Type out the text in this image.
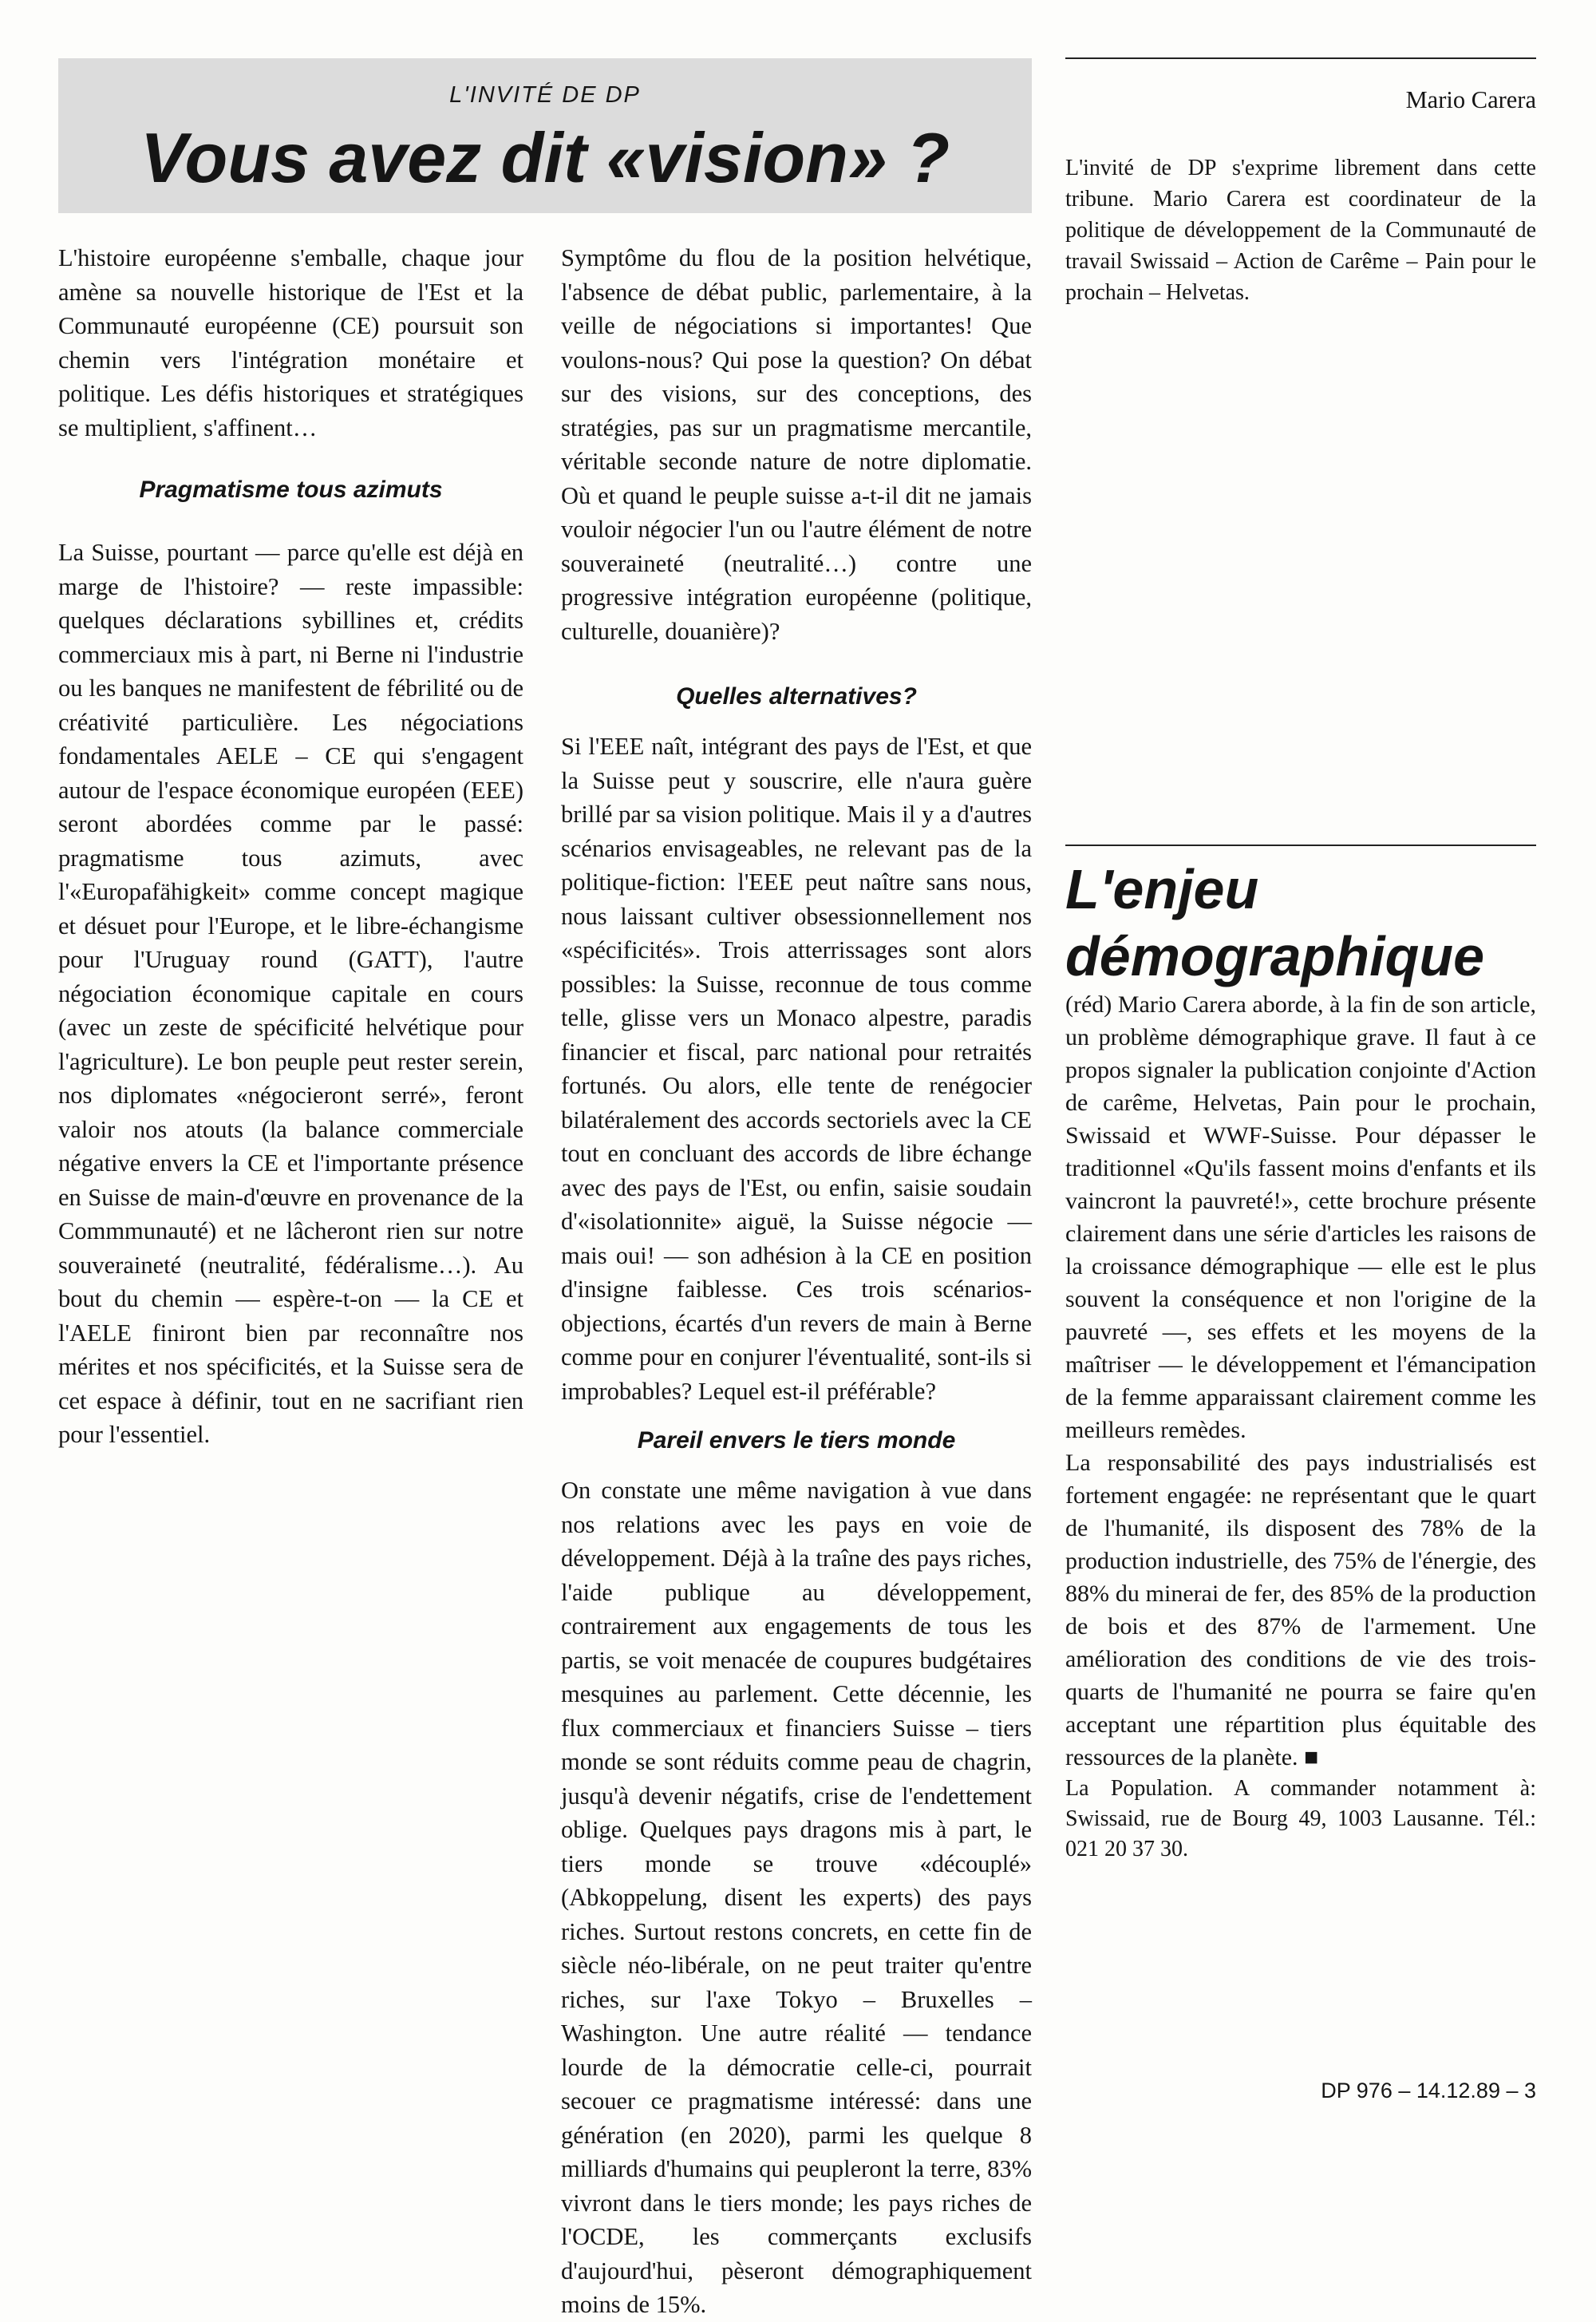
L'INVITÉ DE DP
Vous avez dit «vision» ?

L'histoire européenne s'emballe, chaque jour amène sa nouvelle historique de l'Est et la Communauté européenne (CE) poursuit son chemin vers l'intégration monétaire et politique. Les défis historiques et stratégiques se multiplient, s'affinent…

Pragmatisme tous azimuts

La Suisse, pourtant — parce qu'elle est déjà en marge de l'histoire? — reste impassible: quelques déclarations sybillines et, crédits commerciaux mis à part, ni Berne ni l'industrie ou les banques ne manifestent de fébrilité ou de créativité particulière. Les négociations fondamentales AELE – CE qui s'engagent autour de l'espace économique européen (EEE) seront abordées comme par le passé: pragmatisme tous azimuts, avec l'«Europafähigkeit» comme concept magique et désuet pour l'Europe, et le libre-échangisme pour l'Uruguay round (GATT), l'autre négociation économique capitale en cours (avec un zeste de spécificité helvétique pour l'agriculture). Le bon peuple peut rester serein, nos diplomates «négocieront serré», feront valoir nos atouts (la balance commerciale négative envers la CE et l'importante présence en Suisse de main-d'œuvre en provenance de la Commmunauté) et ne lâcheront rien sur notre souveraineté (neutralité, fédéralisme…). Au bout du chemin — espère-t-on — la CE et l'AELE finiront bien par reconnaître nos mérites et nos spécificités, et la Suisse sera de cet espace à définir, tout en ne sacrifiant rien pour l'essentiel.

Symptôme du flou de la position helvétique, l'absence de débat public, parlementaire, à la veille de négociations si importantes! Que voulons-nous? Qui pose la question? On débat sur des visions, sur des conceptions, des stratégies, pas sur un pragmatisme mercantile, véritable seconde nature de notre diplomatie. Où et quand le peuple suisse a-t-il dit ne jamais vouloir négocier l'un ou l'autre élément de notre souveraineté (neutralité…) contre une progressive intégration européenne (politique, culturelle, douanière)?

Quelles alternatives?

Si l'EEE naît, intégrant des pays de l'Est, et que la Suisse peut y souscrire, elle n'aura guère brillé par sa vision politique. Mais il y a d'autres scénarios envisageables, ne relevant pas de la politique-fiction: l'EEE peut naître sans nous, nous laissant cultiver obsessionnellement nos «spécificités». Trois atterrissages sont alors possibles: la Suisse, reconnue de tous comme telle, glisse vers un Monaco alpestre, paradis financier et fiscal, parc national pour retraités fortunés. Ou alors, elle tente de renégocier bilatéralement des accords sectoriels avec la CE tout en concluant des accords de libre échange avec des pays de l'Est, ou enfin, saisie soudain d'«isolationnite» aiguë, la Suisse négocie — mais oui! — son adhésion à la CE en position d'insigne faiblesse. Ces trois scénarios-objections, écartés d'un revers de main à Berne comme pour en conjurer l'éventualité, sont-ils si improbables? Lequel est-il préférable?

Pareil envers le tiers monde

On constate une même navigation à vue dans nos relations avec les pays en voie de développement. Déjà à la traîne des pays riches, l'aide publique au développement, contrairement aux engagements de tous les partis, se voit menacée de coupures budgétaires mesquines au parlement. Cette décennie, les flux commerciaux et financiers Suisse – tiers monde se sont réduits comme peau de chagrin, jusqu'à devenir négatifs, crise de l'endettement oblige. Quelques pays dragons mis à part, le tiers monde se trouve «découplé» (Abkoppelung, disent les experts) des pays riches. Surtout restons concrets, en cette fin de siècle néo-libérale, on ne peut traiter qu'entre riches, sur l'axe Tokyo – Bruxelles – Washington. Une autre réalité — tendance lourde de la démocratie celle-ci, pourrait secouer ce pragmatisme intéressé: dans une génération (en 2020), parmi les quelque 8 milliards d'humains qui peupleront la terre, 83% vivront dans le tiers monde; les pays riches de l'OCDE, les commerçants exclusifs d'aujourd'hui, pèseront démographiquement moins de 15%.

Mario Carera

L'invité de DP s'exprime librement dans cette tribune. Mario Carera est coordinateur de la politique de développement de la Communauté de travail Swissaid – Action de Carême – Pain pour le prochain – Helvetas.

L'enjeu démographique

(réd) Mario Carera aborde, à la fin de son article, un problème démographique grave. Il faut à ce propos signaler la publication conjointe d'Action de carême, Helvetas, Pain pour le prochain, Swissaid et WWF-Suisse. Pour dépasser le traditionnel «Qu'ils fassent moins d'enfants et ils vaincront la pauvreté!», cette brochure présente clairement dans une série d'articles les raisons de la croissance démographique — elle est le plus souvent la conséquence et non l'origine de la pauvreté —, ses effets et les moyens de la maîtriser — le développement et l'émancipation de la femme apparaissant clairement comme les meilleurs remèdes.

La responsabilité des pays industrialisés est fortement engagée: ne représentant que le quart de l'humanité, ils disposent des 78% de la production industrielle, des 75% de l'énergie, des 88% du minerai de fer, des 85% de la production de bois et des 87% de l'armement. Une amélioration des conditions de vie des trois-quarts de l'humanité ne pourra se faire qu'en acceptant une répartition plus équitable des ressources de la planète. ■

La Population. A commander notamment à: Swissaid, rue de Bourg 49, 1003 Lausanne. Tél.: 021 20 37 30.

DP 976 – 14.12.89 – 3
